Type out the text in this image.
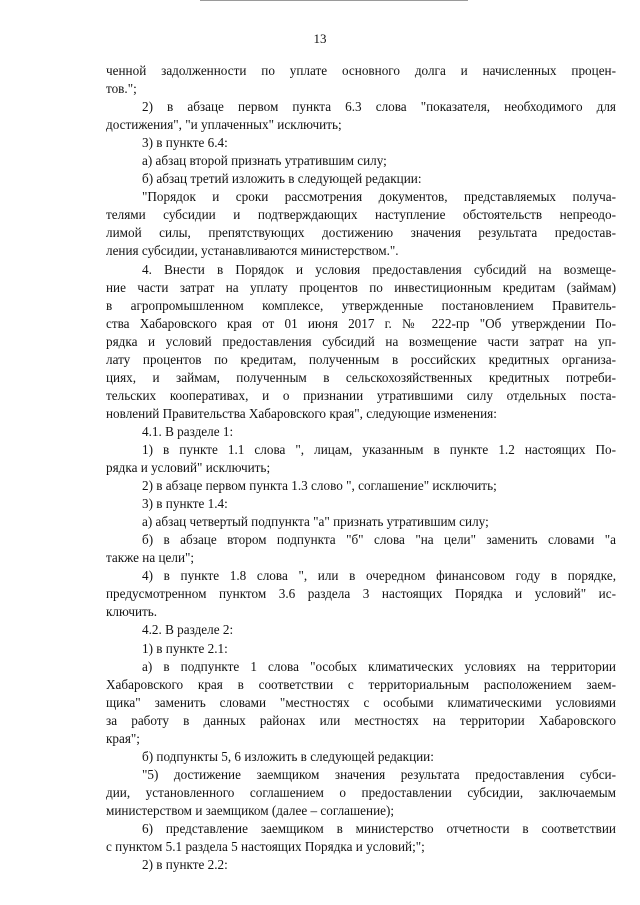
13
ченной задолженности по уплате основного долга и начисленных процен-
тов.";
2) в абзаце первом пункта 6.3 слова "показателя, необходимого для
достижения", "и уплаченных" исключить;
3) в пункте 6.4:
а) абзац второй признать утратившим силу;
б) абзац третий изложить в следующей редакции:
"Порядок и сроки рассмотрения документов, представляемых получа-
телями субсидии и подтверждающих наступление обстоятельств непреодо-
лимой силы, препятствующих достижению значения результата предостав-
ления субсидии, устанавливаются министерством.".
4. Внести в Порядок и условия предоставления субсидий на возмеще-
ние части затрат на уплату процентов по инвестиционным кредитам (займам)
в агропромышленном комплексе, утвержденные постановлением Правитель-
ства Хабаровского края от 01 июня 2017 г. № 222-пр "Об утверждении По-
рядка и условий предоставления субсидий на возмещение части затрат на уп-
лату процентов по кредитам, полученным в российских кредитных организа-
циях, и займам, полученным в сельскохозяйственных кредитных потреби-
тельских кооперативах, и о признании утратившими силу отдельных поста-
новлений Правительства Хабаровского края", следующие изменения:
4.1. В разделе 1:
1) в пункте 1.1 слова ", лицам, указанным в пункте 1.2 настоящих По-
рядка и условий" исключить;
2) в абзаце первом пункта 1.3 слово ", соглашение" исключить;
3) в пункте 1.4:
а) абзац четвертый подпункта "а" признать утратившим силу;
б) в абзаце втором подпункта "б" слова "на цели" заменить словами "а
также на цели";
4) в пункте 1.8 слова ", или в очередном финансовом году в порядке,
предусмотренном пунктом 3.6 раздела 3 настоящих Порядка и условий" ис-
ключить.
4.2. В разделе 2:
1) в пункте 2.1:
а) в подпункте 1 слова "особых климатических условиях на территории
Хабаровского края в соответствии с территориальным расположением заем-
щика" заменить словами "местностях с особыми климатическими условиями
за работу в данных районах или местностях на территории Хабаровского
края";
б) подпункты 5, 6 изложить в следующей редакции:
"5) достижение заемщиком значения результата предоставления субси-
дии, установленного соглашением о предоставлении субсидии, заключаемым
министерством и заемщиком (далее – соглашение);
6) представление заемщиком в министерство отчетности в соответствии
с пунктом 5.1 раздела 5 настоящих Порядка и условий;";
2) в пункте 2.2:
